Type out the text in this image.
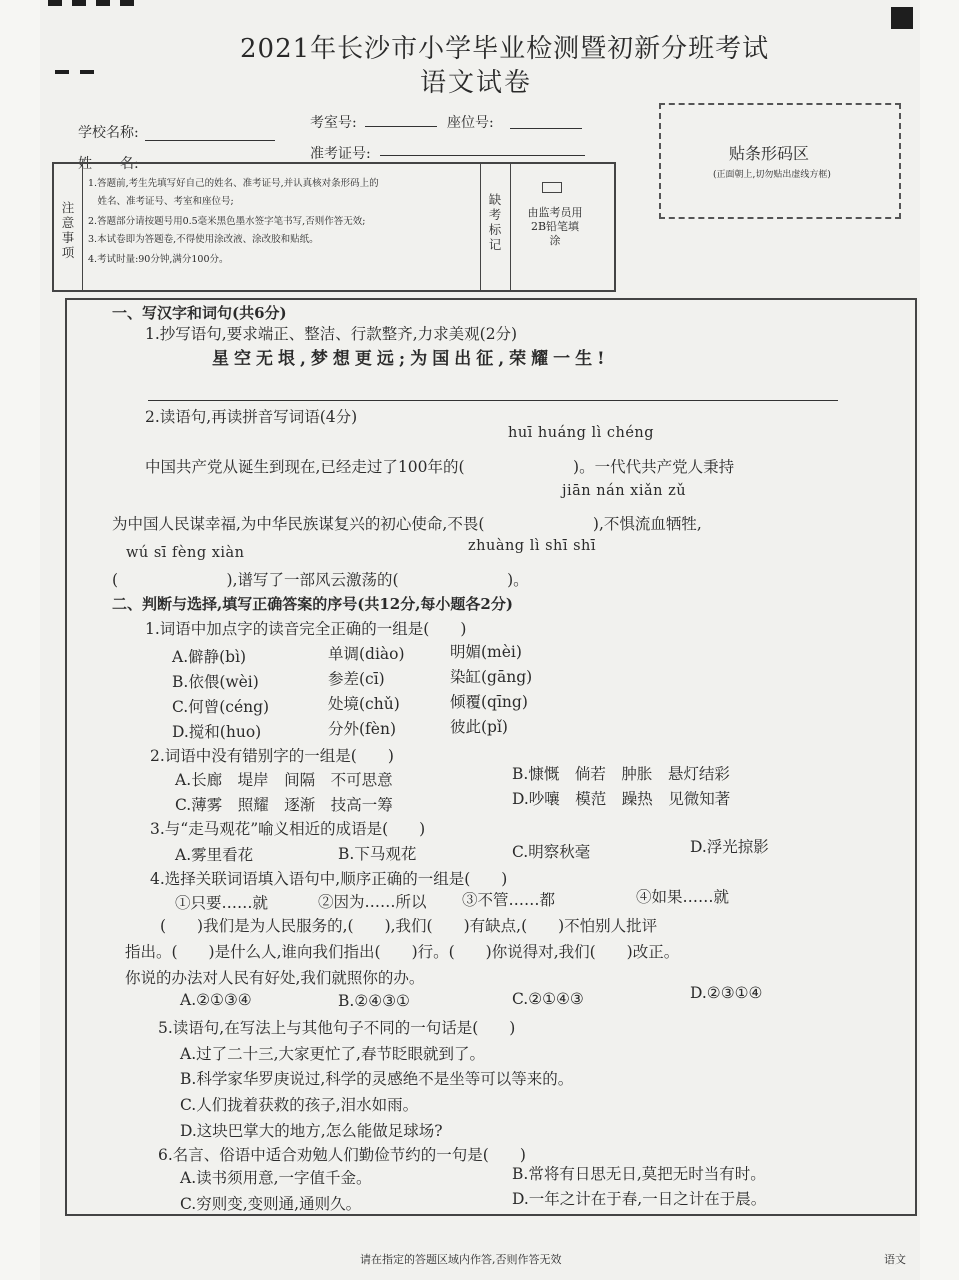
2021年长沙市小学毕业检测暨初新分班考试
语文试卷
学校名称:
考室号:	座位号:
姓　　名:
准考证号:	贴条形码区
(正面朝上,切勿贴出虚线方框)
注意事项
1.答题前,考生先填写好自己的姓名、准考证号,并认真核对条形码上的
　姓名、准考证号、考室和座位号;
2.答题部分请按题号用0.5毫米黑色墨水签字笔书写,否则作答无效;
3.本试卷即为答题卷,不得使用涂改液、涂改胶和贴纸。
4.考试时量:90分钟,满分100分。
缺考标记
由监考员用2B铅笔填涂
一、写汉字和词句(共6分)
1.抄写语句,要求端正、整洁、行款整齐,力求美观(2分)
星空无垠,梦想更远;为国出征,荣耀一生!
2.读语句,再读拼音写词语(4分)
huī huáng lì chéng
中国共产党从诞生到现在,已经走过了100年的(　　　　　　　)。一代代共产党人秉持
jiān nán xiǎn zǔ
为中国人民谋幸福,为中华民族谋复兴的初心使命,不畏(　　　　　　　),不惧流血牺牲,
wú sī fèng xiàn	zhuàng lì shī shī
(　　　　　　　),谱写了一部风云激荡的(　　　　　　　)。
二、判断与选择,填写正确答案的序号(共12分,每小题各2分)
1.词语中加点字的读音完全正确的一组是(　　)
A.僻静(bì)	单调(diào)	明媚(mèi)
B.依偎(wèi)	参差(cī)	染缸(gāng)
C.何曾(céng)	处境(chǔ)	倾覆(qīng)
D.搅和(huo)	分外(fèn)	彼此(pǐ)
2.词语中没有错别字的一组是(　　)
A.长廊　堤岸　间隔　不可思意	B.慷慨　倘若　肿胀　悬灯结彩
C.薄雾　照耀　逐渐　技高一筹	D.吵嚷　模范　躁热　见微知著
3.与“走马观花”喻义相近的成语是(　　)
A.雾里看花	B.下马观花	C.明察秋毫	D.浮光掠影
4.选择关联词语填入语句中,顺序正确的一组是(　　)
①只要……就	②因为……所以 ③不管……都	④如果……就
(　　)我们是为人民服务的,(　　),我们(　　)有缺点,(　　)不怕别人批评
指出。(　　)是什么人,谁向我们指出(　　)行。(　　)你说得对,我们(　　)改正。
你说的办法对人民有好处,我们就照你的办。
A.②①③④	B.②④③①	C.②①④③	D.②③①④
5.读语句,在写法上与其他句子不同的一句话是(　　)
A.过了二十三,大家更忙了,春节眨眼就到了。
B.科学家华罗庚说过,科学的灵感绝不是坐等可以等来的。
C.人们拢着获救的孩子,泪水如雨。
D.这块巴掌大的地方,怎么能做足球场?
6.名言、俗语中适合劝勉人们勤俭节约的一句是(　　)
A.读书须用意,一字值千金。	B.常将有日思无日,莫把无时当有时。
C.穷则变,变则通,通则久。	D.一年之计在于春,一日之计在于晨。
请在指定的答题区域内作答,否则作答无效	语文
